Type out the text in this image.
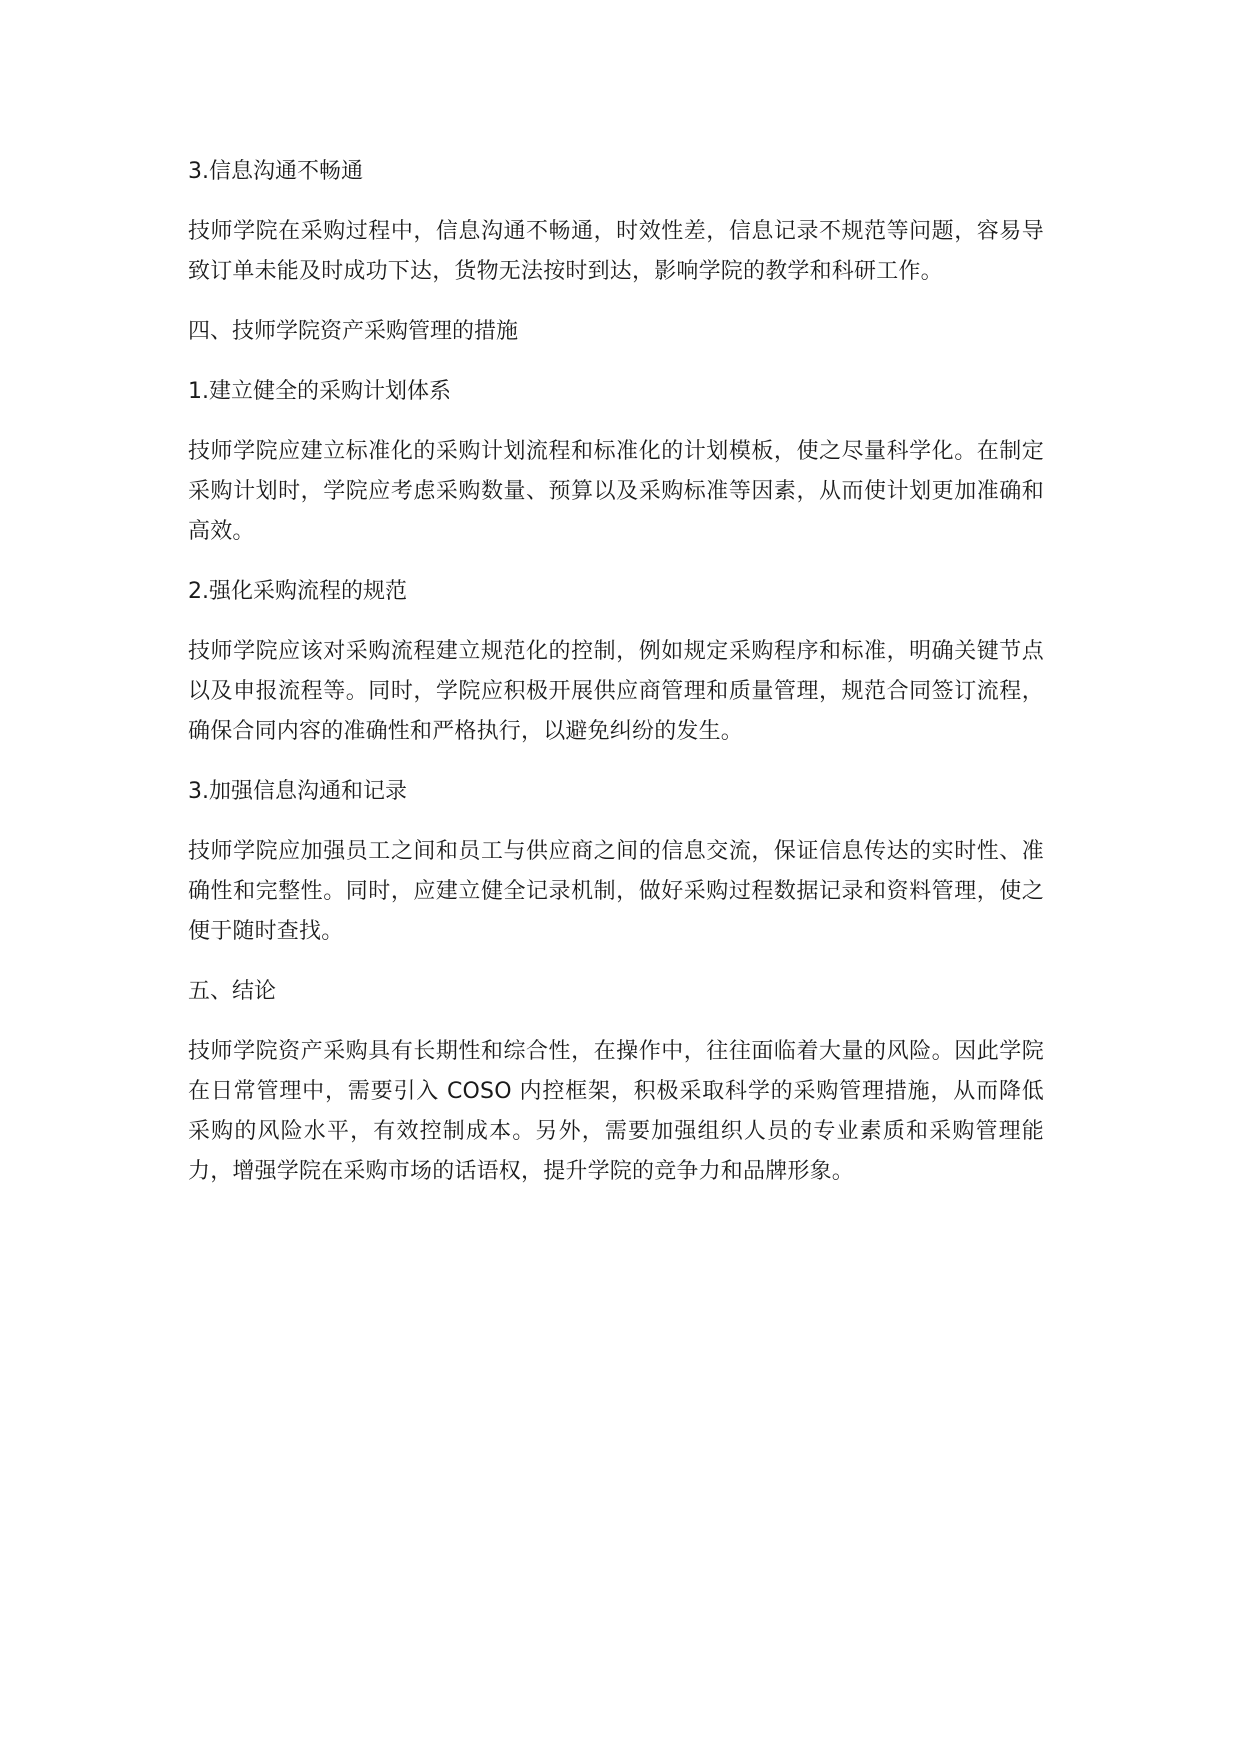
3.信息沟通不畅通
技师学院在采购过程中，信息沟通不畅通，时效性差，信息记录不规范等问题，容易导致订单未能及时成功下达，货物无法按时到达，影响学院的教学和科研工作。
四、技师学院资产采购管理的措施
1.建立健全的采购计划体系
技师学院应建立标准化的采购计划流程和标准化的计划模板，使之尽量科学化。在制定采购计划时，学院应考虑采购数量、预算以及采购标准等因素，从而使计划更加准确和高效。
2.强化采购流程的规范
技师学院应该对采购流程建立规范化的控制，例如规定采购程序和标准，明确关键节点以及申报流程等。同时，学院应积极开展供应商管理和质量管理，规范合同签订流程，确保合同内容的准确性和严格执行，以避免纠纷的发生。
3.加强信息沟通和记录
技师学院应加强员工之间和员工与供应商之间的信息交流，保证信息传达的实时性、准确性和完整性。同时，应建立健全记录机制，做好采购过程数据记录和资料管理，使之便于随时查找。
五、结论
技师学院资产采购具有长期性和综合性，在操作中，往往面临着大量的风险。因此学院在日常管理中，需要引入 COSO 内控框架，积极采取科学的采购管理措施，从而降低采购的风险水平，有效控制成本。另外，需要加强组织人员的专业素质和采购管理能力，增强学院在采购市场的话语权，提升学院的竞争力和品牌形象。
